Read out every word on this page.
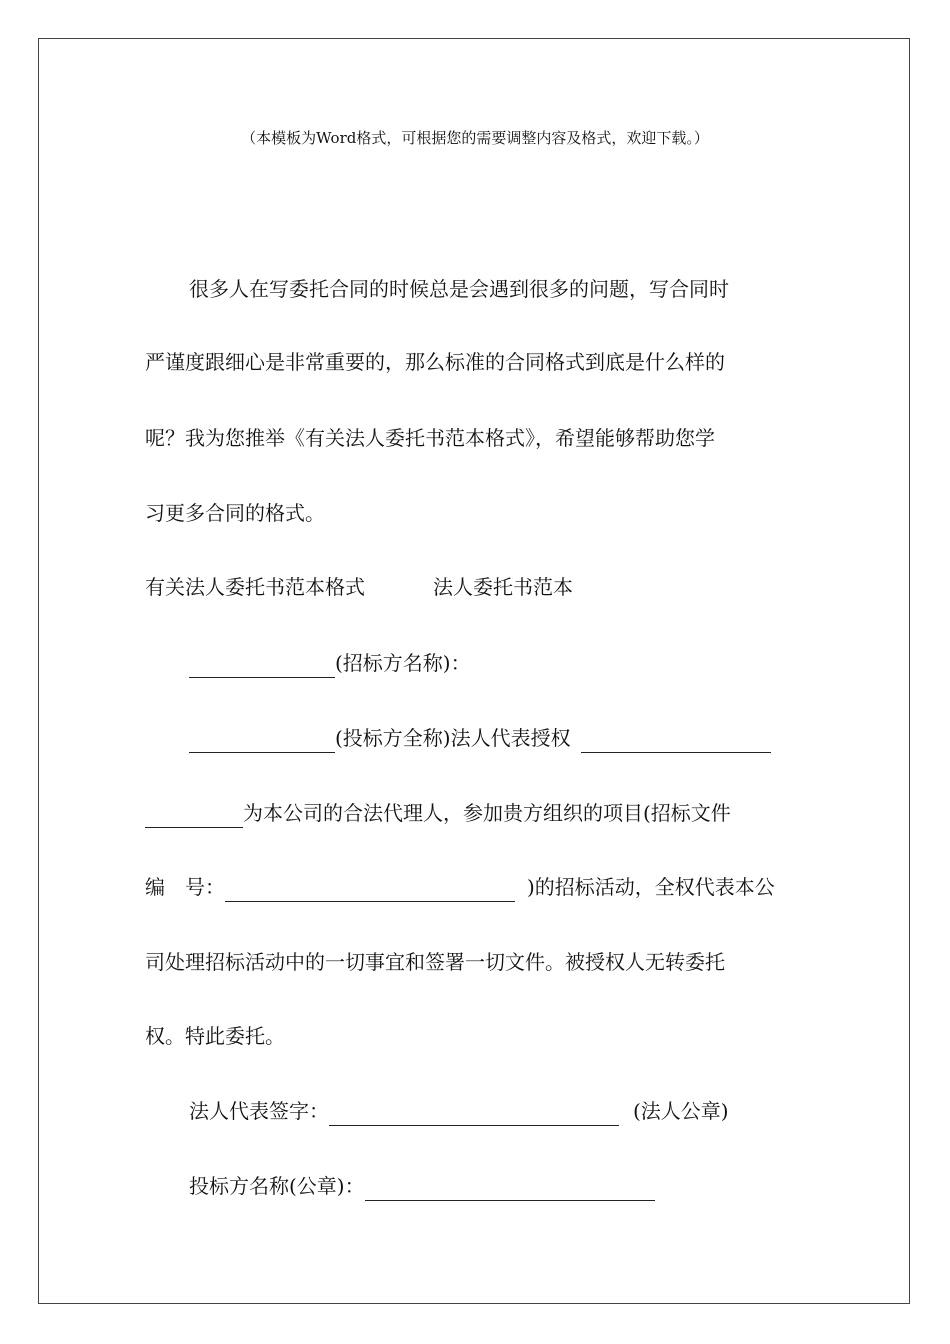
（本模板为Word格式，可根据您的需要调整内容及格式，欢迎下载。）
很多人在写委托合同的时候总是会遇到很多的问题，写合同时
严谨度跟细心是非常重要的，那么标准的合同格式到底是什么样的
呢？我为您推举《有关法人委托书范本格式》，希望能够帮助您学
习更多合同的格式。
有关法人委托书范本格式	法人委托书范本
(招标方名称)：
(投标方全称)法人代表授权
为本公司的合法代理人，参加贵方组织的项目(招标文件
编　号：	)的招标活动，全权代表本公
司处理招标活动中的一切事宜和签署一切文件。被授权人无转委托
权。特此委托。
法人代表签字：	(法人公章)
投标方名称(公章)：
